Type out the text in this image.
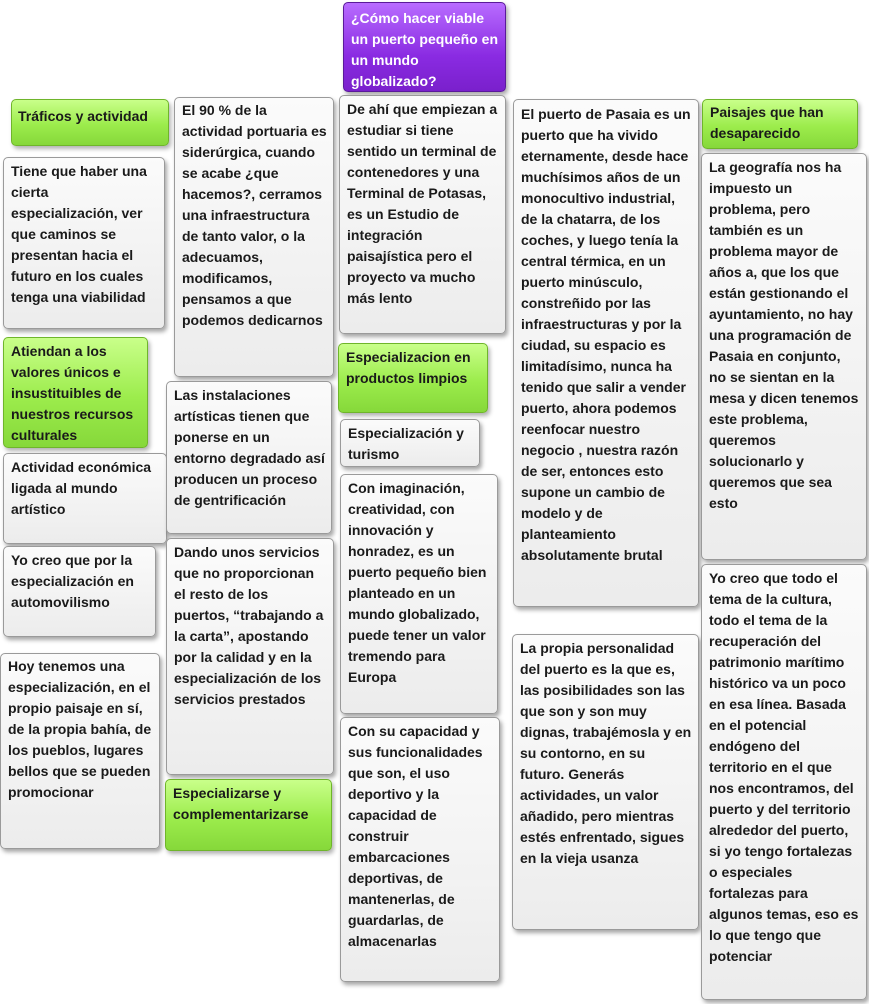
¿Cómo hacer viable un puerto pequeño en un mundo globalizado?
Tráficos y actividad
Tiene que haber una cierta especialización, ver que caminos se presentan hacia el futuro en los cuales tenga una viabilidad
Atiendan a los valores únicos e insustituibles de nuestros recursos culturales
Actividad económica ligada al mundo artístico
Yo creo que por la especialización en automovilismo
Hoy tenemos una especialización, en el propio paisaje en sí, de la propia bahía, de los pueblos, lugares bellos que se pueden promocionar
El 90 % de la actividad portuaria es siderúrgica, cuando se acabe ¿que hacemos?, cerramos una infraestructura de tanto valor, o la adecuamos, modificamos, pensamos a que podemos dedicarnos
Las instalaciones artísticas tienen que ponerse en un entorno degradado así producen un proceso de gentrificación
Dando unos servicios que no proporcionan el resto de los puertos, “trabajando a la carta”, apostando por la calidad y en la especialización de los servicios prestados
Especializarse y complementarizarse
De ahí que empiezan a estudiar si tiene sentido un terminal de contenedores y una Terminal de Potasas, es un Estudio de integración paisajística pero el proyecto va mucho más lento
Especializacion en productos limpios
Especialización y turismo
Con imaginación, creatividad, con innovación y honradez, es un puerto pequeño bien planteado en un mundo globalizado, puede tener un valor tremendo para Europa
Con su capacidad y sus funcionalidades que son, el uso deportivo y la capacidad de construir embarcaciones deportivas, de mantenerlas, de guardarlas, de almacenarlas
El puerto de Pasaia es un puerto que ha vivido eternamente, desde hace muchísimos años de un monocultivo industrial, de la chatarra, de los coches, y luego tenía la central térmica, en un puerto minúsculo, constreñido por las infraestructuras y por la ciudad, su espacio es limitadísimo, nunca ha tenido que salir a vender puerto, ahora podemos reenfocar nuestro negocio , nuestra razón de ser, entonces esto supone un cambio de modelo y de planteamiento absolutamente brutal
La propia personalidad del puerto es la que es, las posibilidades son las que son y son muy dignas, trabajémosla y en su contorno, en su futuro. Generás actividades, un valor añadido, pero mientras estés enfrentado, sigues en la vieja usanza
Paisajes que han desaparecido
La geografía nos ha impuesto un problema, pero también es un problema mayor de años a, que los que están gestionando el ayuntamiento, no hay una programación de Pasaia en conjunto, no se sientan en la mesa y dicen tenemos este problema, queremos solucionarlo y queremos que sea esto
Yo creo que todo el tema de la cultura, todo el tema de la recuperación del patrimonio marítimo histórico va un poco en esa línea. Basada en el potencial endógeno del territorio en el que nos encontramos, del puerto y del territorio alrededor del puerto, si yo tengo fortalezas o especiales fortalezas para algunos temas, eso es lo que tengo que potenciar
